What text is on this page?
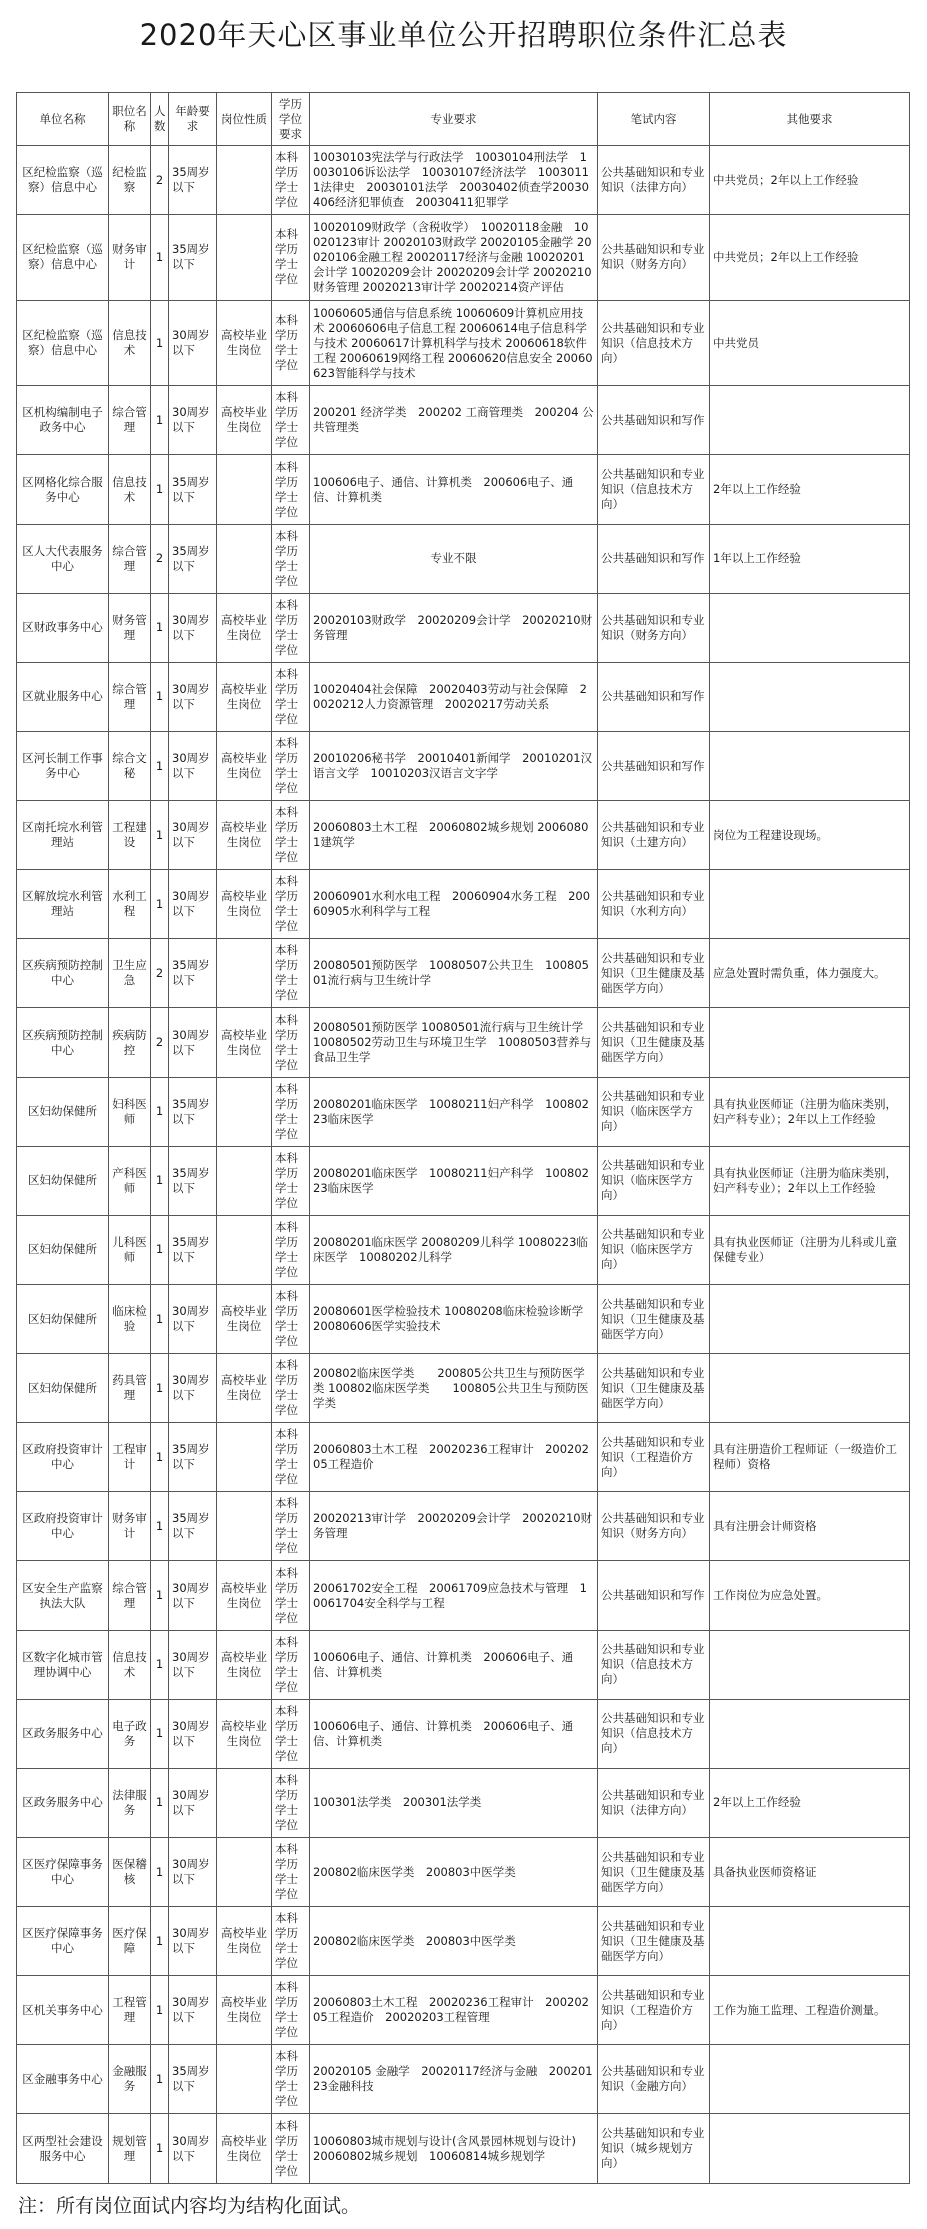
2020年天心区事业单位公开招聘职位条件汇总表
单位名称	职位名称	人数	年龄要求	岗位性质	学历学位要求	专业要求	笔试内容	其他要求
区纪检监察（巡察）信息中心	纪检监察	2	35周岁以下		本科学历学士学位	10030103宪法学与行政法学　10030104刑法学　10030106诉讼法学　10030107经济法学　10030111法律史　20030101法学　20030402侦查学20030406经济犯罪侦查　20030411犯罪学	公共基础知识和专业知识（法律方向）	中共党员；2年以上工作经验
区纪检监察（巡察）信息中心	财务审计	1	35周岁以下		本科学历学士学位	10020109财政学（含税收学）　10020118金融　10020123审计 20020103财政学 20020105金融学 20020106金融工程 20020117经济与金融 10020201会计学 10020209会计 20020209会计学 20020210财务管理 20020213审计学 20020214资产评估	公共基础知识和专业知识（财务方向）	中共党员；2年以上工作经验
区纪检监察（巡察）信息中心	信息技术	1	30周岁以下	高校毕业生岗位	本科学历学士学位	10060605通信与信息系统 10060609计算机应用技术 20060606电子信息工程 20060614电子信息科学与技术 20060617计算机科学与技术 20060618软件工程 20060619网络工程 20060620信息安全 20060623智能科学与技术	公共基础知识和专业知识（信息技术方向）	中共党员
区机构编制电子政务中心	综合管理	1	30周岁以下	高校毕业生岗位	本科学历学士学位	200201 经济学类　200202 工商管理类　200204 公共管理类	公共基础知识和写作	
区网格化综合服务中心	信息技术	1	35周岁以下		本科学历学士学位	100606电子、通信、计算机类　200606电子、通信、计算机类	公共基础知识和专业知识（信息技术方向）	2年以上工作经验
区人大代表服务中心	综合管理	2	35周岁以下		本科学历学士学位	专业不限	公共基础知识和写作	1年以上工作经验
区财政事务中心	财务管理	1	30周岁以下	高校毕业生岗位	本科学历学士学位	20020103财政学　20020209会计学　20020210财务管理	公共基础知识和专业知识（财务方向）	
区就业服务中心	综合管理	1	30周岁以下	高校毕业生岗位	本科学历学士学位	10020404社会保障　20020403劳动与社会保障　20020212人力资源管理　20020217劳动关系	公共基础知识和写作	
区河长制工作事务中心	综合文秘	1	30周岁以下	高校毕业生岗位	本科学历学士学位	20010206秘书学　20010401新闻学　20010201汉语言文学　10010203汉语言文字学	公共基础知识和写作	
区南托垸水利管理站	工程建设	1	30周岁以下	高校毕业生岗位	本科学历学士学位	20060803土木工程　20060802城乡规划 20060801建筑学	公共基础知识和专业知识（土建方向）	岗位为工程建设现场。
区解放垸水利管理站	水利工程	1	30周岁以下	高校毕业生岗位	本科学历学士学位	20060901水利水电工程　20060904水务工程　20060905水利科学与工程	公共基础知识和专业知识（水利方向）	
区疾病预防控制中心	卫生应急	2	35周岁以下		本科学历学士学位	20080501预防医学　10080507公共卫生　10080501流行病与卫生统计学	公共基础知识和专业知识（卫生健康及基础医学方向）	应急处置时需负重，体力强度大。
区疾病预防控制中心	疾病防控	2	30周岁以下	高校毕业生岗位	本科学历学士学位	20080501预防医学 10080501流行病与卫生统计学 10080502劳动卫生与环境卫生学　10080503营养与食品卫生学	公共基础知识和专业知识（卫生健康及基础医学方向）	
区妇幼保健所	妇科医师	1	35周岁以下		本科学历学士学位	20080201临床医学　10080211妇产科学　10080223临床医学	公共基础知识和专业知识（临床医学方向）	具有执业医师证（注册为临床类别，妇产科专业）；2年以上工作经验
区妇幼保健所	产科医师	1	35周岁以下		本科学历学士学位	20080201临床医学　10080211妇产科学　10080223临床医学	公共基础知识和专业知识（临床医学方向）	具有执业医师证（注册为临床类别，妇产科专业）；2年以上工作经验
区妇幼保健所	儿科医师	1	35周岁以下		本科学历学士学位	20080201临床医学 20080209儿科学 10080223临床医学　10080202儿科学	公共基础知识和专业知识（临床医学方向）	具有执业医师证（注册为儿科或儿童保健专业）
区妇幼保健所	临床检验	1	30周岁以下	高校毕业生岗位	本科学历学士学位	20080601医学检验技术 10080208临床检验诊断学 20080606医学实验技术	公共基础知识和专业知识（卫生健康及基础医学方向）	
区妇幼保健所	药具管理	1	30周岁以下	高校毕业生岗位	本科学历学士学位	200802临床医学类　　200805公共卫生与预防医学类 100802临床医学类　　100805公共卫生与预防医学类	公共基础知识和专业知识（卫生健康及基础医学方向）	
区政府投资审计中心	工程审计	1	35周岁以下		本科学历学士学位	20060803土木工程　20020236工程审计　20020205工程造价	公共基础知识和专业知识（工程造价方向）	具有注册造价工程师证（一级造价工程师）资格
区政府投资审计中心	财务审计	1	35周岁以下		本科学历学士学位	20020213审计学　20020209会计学　20020210财务管理	公共基础知识和专业知识（财务方向）	具有注册会计师资格
区安全生产监察执法大队	综合管理	1	30周岁以下	高校毕业生岗位	本科学历学士学位	20061702安全工程　20061709应急技术与管理　10061704安全科学与工程	公共基础知识和写作	工作岗位为应急处置。
区数字化城市管理协调中心	信息技术	1	30周岁以下	高校毕业生岗位	本科学历学士学位	100606电子、通信、计算机类　200606电子、通信、计算机类	公共基础知识和专业知识（信息技术方向）	
区政务服务中心	电子政务	1	30周岁以下	高校毕业生岗位	本科学历学士学位	100606电子、通信、计算机类　200606电子、通信、计算机类	公共基础知识和专业知识（信息技术方向）	
区政务服务中心	法律服务	1	30周岁以下		本科学历学士学位	100301法学类　200301法学类	公共基础知识和专业知识（法律方向）	2年以上工作经验
区医疗保障事务中心	医保稽核	1	30周岁以下		本科学历学士学位	200802临床医学类　200803中医学类	公共基础知识和专业知识（卫生健康及基础医学方向）	具备执业医师资格证
区医疗保障事务中心	医疗保障	1	30周岁以下	高校毕业生岗位	本科学历学士学位	200802临床医学类　200803中医学类	公共基础知识和专业知识（卫生健康及基础医学方向）	
区机关事务中心	工程管理	1	30周岁以下	高校毕业生岗位	本科学历学士学位	20060803土木工程　20020236工程审计　20020205工程造价　20020203工程管理	公共基础知识和专业知识（工程造价方向）	工作为施工监理、工程造价测量。
区金融事务中心	金融服务	1	35周岁以下		本科学历学士学位	20020105 金融学　20020117经济与金融　20020123金融科技	公共基础知识和专业知识（金融方向）	
区两型社会建设服务中心	规划管理	1	30周岁以下	高校毕业生岗位	本科学历学士学位	10060803城市规划与设计(含风景园林规划与设计)　20060802城乡规划　10060814城乡规划学	公共基础知识和专业知识（城乡规划方向）	
注：所有岗位面试内容均为结构化面试。
